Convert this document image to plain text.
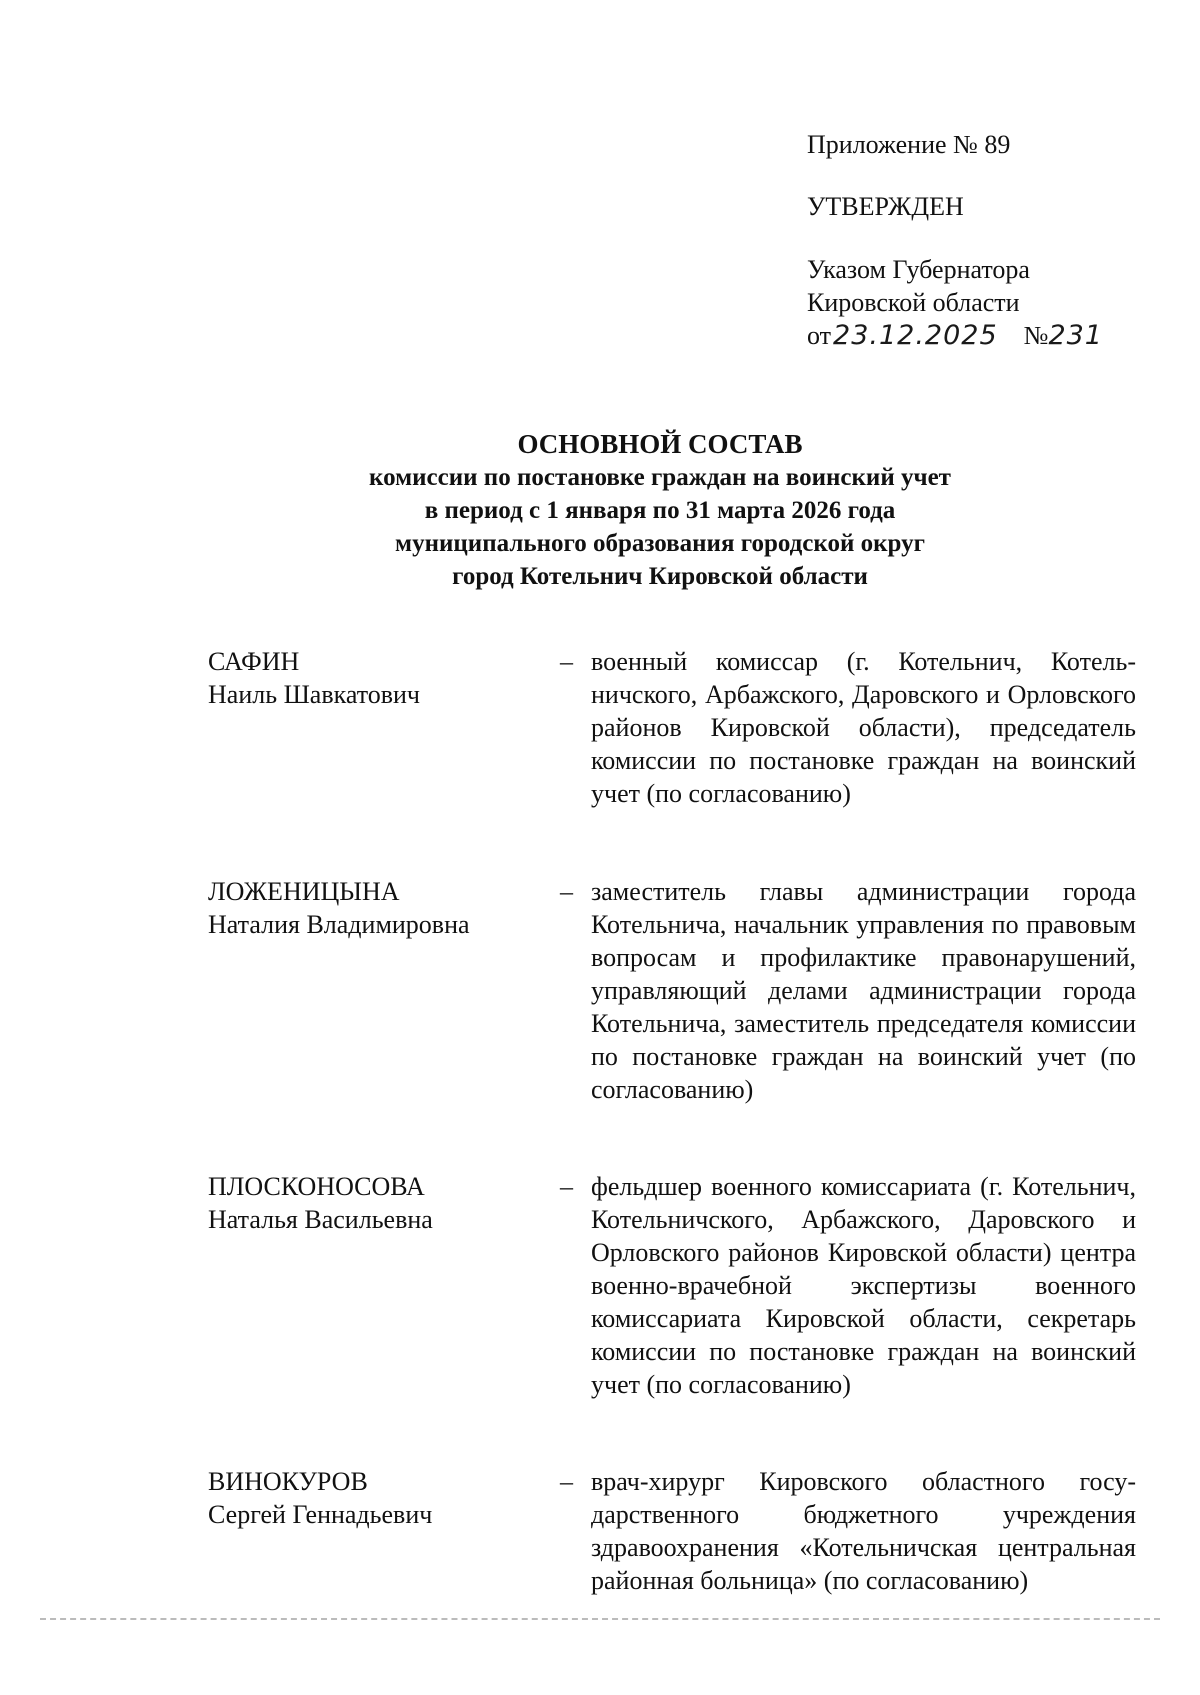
Приложение № 89

УТВЕРЖДЕН

Указом Губернатора

Кировской области

от23.12.2025 №231

ОСНОВНОЙ СОСТАВ
комиссии по постановке граждан на воинский учет
в период с 1 января по 31 марта 2026 года
муниципального образования городской округ
город Котельнич Кировской области
САФИН
Наиль Шавкатович
– военный комиссар (г. Котельнич, Котельничского, Арбажского, Даровского и Орловского районов Кировской области), председатель комиссии по постановке граждан на воинский учет (по согласованию)
ЛОЖЕНИЦЫНА
Наталия Владимировна
– заместитель главы администрации города Котельнича, начальник управления по правовым вопросам и профилактике правонарушений, управляющий делами администрации города Котельнича, заместитель председателя комиссии по постановке граждан на воинский учет (по согласованию)
ПЛОСКОНОСОВА
Наталья Васильевна
– фельдшер военного комиссариата (г. Котельнич, Котельничского, Арбажского, Даровского и Орловского районов Кировской области) центра военно-врачебной экспертизы военного комиссариата Кировской области, секретарь комиссии по постановке граждан на воинский учет (по согласованию)
ВИНОКУРОВ
Сергей Геннадьевич
– врач-хирург Кировского областного государственного бюджетного учреждения здравоохранения «Котельничская центральная районная больница» (по согласованию)
